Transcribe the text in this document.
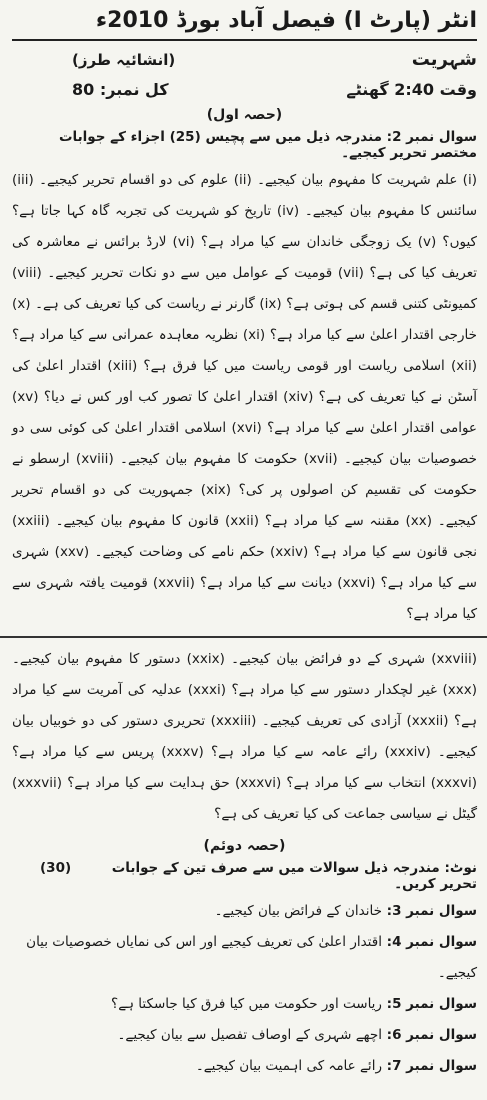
انٹر (پارٹ I) فیصل آباد بورڈ 2010ء
شہریت
(انشائیہ طرز)
وقت 2:40 گھنٹے
کل نمبر: 80
(حصہ اول)
سوال نمبر 2: مندرجہ ذیل میں سے پچیس (25) اجزاء کے جوابات مختصر تحریر کیجیے۔

(i) علم شہریت کا مفہوم بیان کیجیے۔ (ii) علوم کی دو اقسام تحریر کیجیے۔ (iii) سائنس کا مفہوم بیان کیجیے۔ (iv) تاریخ کو شہریت کی تجربہ گاہ کہا جاتا ہے؟ کیوں؟ (v) یک زوجگی خاندان سے کیا مراد ہے؟ (vi) لارڈ برائس نے معاشرہ کی تعریف کیا کی ہے؟ (vii) قومیت کے عوامل میں سے دو نکات تحریر کیجیے۔ (viii) کمیونٹی کتنی قسم کی ہوتی ہے؟ (ix) گارنر نے ریاست کی کیا تعریف کی ہے۔ (x) خارجی اقتدار اعلیٰ سے کیا مراد ہے؟ (xi) نظریہ معاہدہ عمرانی سے کیا مراد ہے؟ (xii) اسلامی ریاست اور قومی ریاست میں کیا فرق ہے؟ (xiii) اقتدار اعلیٰ کی آسٹن نے کیا تعریف کی ہے؟ (xiv) اقتدار اعلیٰ کا تصور کب اور کس نے دیا؟ (xv) عوامی اقتدار اعلیٰ سے کیا مراد ہے؟ (xvi) اسلامی اقتدار اعلیٰ کی کوئی سی دو خصوصیات بیان کیجیے۔ (xvii) حکومت کا مفہوم بیان کیجیے۔ (xviii) ارسطو نے حکومت کی تقسیم کن اصولوں پر کی؟ (xix) جمہوریت کی دو اقسام تحریر کیجیے۔ (xx) مقننہ سے کیا مراد ہے؟ (xxii) قانون کا مفہوم بیان کیجیے۔ (xxiii) نجی قانون سے کیا مراد ہے؟ (xxiv) حکم نامے کی وضاحت کیجیے۔ (xxv) شہری سے کیا مراد ہے؟ (xxvi) دیانت سے کیا مراد ہے؟ (xxvii) قومیت یافتہ شہری سے کیا مراد ہے؟

(xxviii) شہری کے دو فرائض بیان کیجیے۔ (xxix) دستور کا مفہوم بیان کیجیے۔ (xxx) غیر لچکدار دستور سے کیا مراد ہے؟ (xxxi) عدلیہ کی آمریت سے کیا مراد ہے؟ (xxxii) آزادی کی تعریف کیجیے۔ (xxxiii) تحریری دستور کی دو خوبیاں بیان کیجیے۔ (xxxiv) رائے عامہ سے کیا مراد ہے؟ (xxxv) پریس سے کیا مراد ہے؟ (xxxvi) انتخاب سے کیا مراد ہے؟ (xxxvi) حق ہدایت سے کیا مراد ہے؟ (xxxvii) گیٹل نے سیاسی جماعت کی کیا تعریف کی ہے؟

(حصہ دوئم)
نوٹ: مندرجہ ذیل سوالات میں سے صرف تین کے جوابات تحریر کریں۔
(30)
سوال نمبر 3: خاندان کے فرائض بیان کیجیے۔
سوال نمبر 4: اقتدار اعلیٰ کی تعریف کیجیے اور اس کی نمایاں خصوصیات بیان کیجیے۔
سوال نمبر 5: ریاست اور حکومت میں کیا فرق کیا جاسکتا ہے؟
سوال نمبر 6: اچھے شہری کے اوصاف تفصیل سے بیان کیجیے۔
سوال نمبر 7: رائے عامہ کی اہمیت بیان کیجیے۔
